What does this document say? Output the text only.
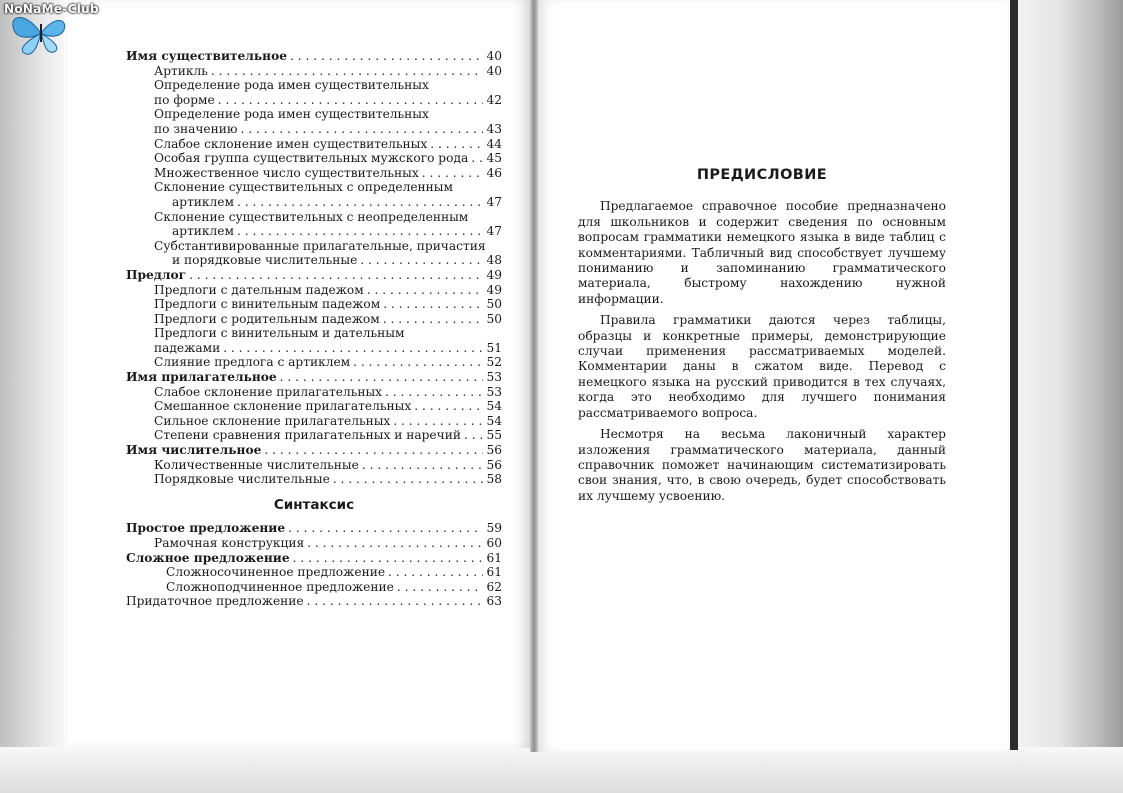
NoNaMe-Club
Имя существительное . . .	40
Артикль . . .	40
Определение рода имен существительных
по форме . . .	42
Определение рода имен существительных
по значению . . .	43
Слабое склонение имен существительных . . .	44
Особая группа существительных мужского рода . . . 45
Множественное число существительных . . .	46
Склонение существительных с определенным
артиклем . . .	47
Склонение существительных с неопределенным
артиклем . . .	47
Субстантивированные прилагательные, причастия
и порядковые числительные . . .	48
Предлог . . .	49
Предлоги с дательным падежом . . .	49
Предлоги с винительным падежом . . .	50
Предлоги с родительным падежом . . .	50
Предлоги с винительным и дательным
падежами . . .	51
Слияние предлога с артиклем . . .	52
Имя прилагательное . . .	53
Слабое склонение прилагательных . . .	53
Смешанное склонение прилагательных . . .	54
Сильное склонение прилагательных . . .	54
Степени сравнения прилагательных и наречий . . . 55
Имя числительное . . .	56
Количественные числительные . . .	56
Порядковые числительные . . .	58
Синтаксис
Простое предложение . . .	59
Рамочная конструкция . . .	60
Сложное предложение . . .	61
Сложносочиненное предложение . . .	61
Сложноподчиненное предложение . . .	62
Придаточное предложение . . .	63
ПРЕДИСЛОВИЕ

Предлагаемое справочное пособие предназначено для школьников и содержит сведения по основным вопросам грамматики немецкого языка в виде таблиц с комментариями. Табличный вид способствует лучшему пониманию и запоминанию грамматического материала, быстрому нахождению нужной информации.

Правила грамматики даются через таблицы, образцы и конкретные примеры, демонстрирующие случаи применения рассматриваемых моделей. Комментарии даны в сжатом виде. Перевод с немецкого языка на русский приводится в тех случаях, когда это необходимо для лучшего понимания рассматриваемого вопроса.

Несмотря на весьма лаконичный характер изложения грамматического материала, данный справочник поможет начинающим систематизировать свои знания, что, в свою очередь, будет способствовать их лучшему усвоению.
